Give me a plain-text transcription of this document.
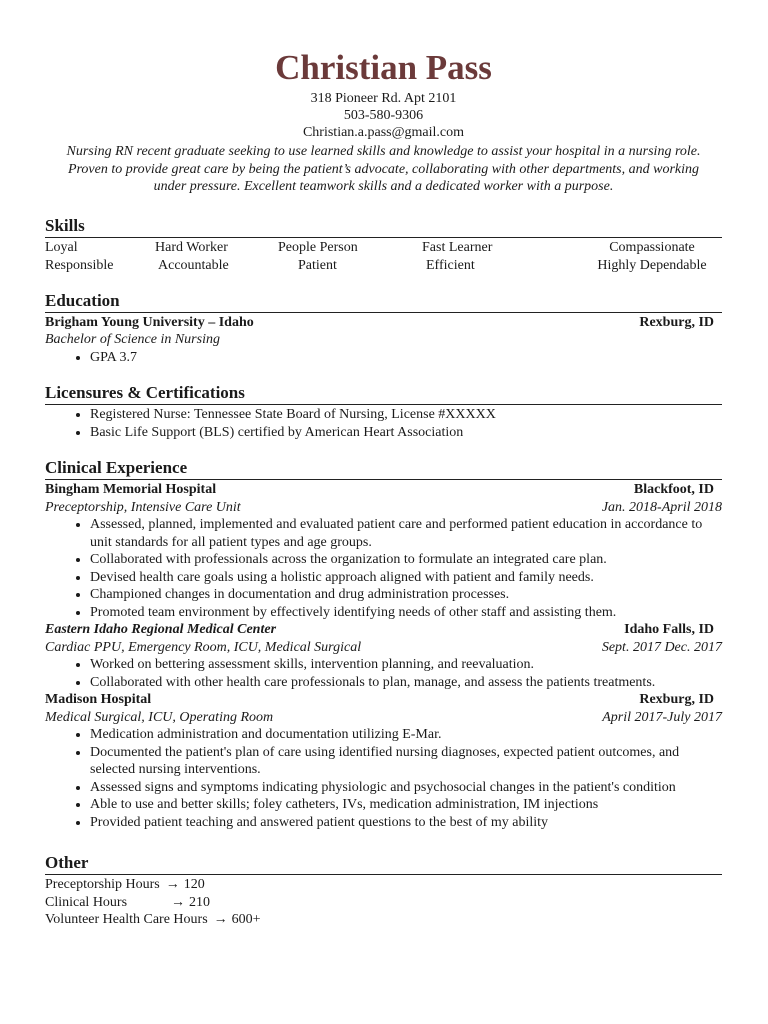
Christian Pass
318 Pioneer Rd. Apt 2101
503-580-9306
Christian.a.pass@gmail.com
Nursing RN recent graduate seeking to use learned skills and knowledge to assist your hospital in a nursing role. Proven to provide great care by being the patient’s advocate, collaborating with other departments, and working under pressure. Excellent teamwork skills and a dedicated worker with a purpose.
Skills
Loyal	Hard Worker	People Person	Fast Learner	Compassionate
Responsible	Accountable	Patient	Efficient	Highly Dependable
Education
Brigham Young University – Idaho	Rexburg, ID
Bachelor of Science in Nursing
• GPA 3.7
Licensures & Certifications
• Registered Nurse: Tennessee State Board of Nursing, License #XXXXX
• Basic Life Support (BLS) certified by American Heart Association
Clinical Experience
Bingham Memorial Hospital	Blackfoot, ID
Preceptorship, Intensive Care Unit	Jan. 2018-April 2018
• Assessed, planned, implemented and evaluated patient care and performed patient education in accordance to unit standards for all patient types and age groups.
• Collaborated with professionals across the organization to formulate an integrated care plan.
• Devised health care goals using a holistic approach aligned with patient and family needs.
• Championed changes in documentation and drug administration processes.
• Promoted team environment by effectively identifying needs of other staff and assisting them.
Eastern Idaho Regional Medical Center	Idaho Falls, ID
Cardiac PPU, Emergency Room, ICU, Medical Surgical	Sept. 2017 Dec. 2017
• Worked on bettering assessment skills, intervention planning, and reevaluation.
• Collaborated with other health care professionals to plan, manage, and assess the patients treatments.
Madison Hospital	Rexburg, ID
Medical Surgical, ICU, Operating Room	April 2017-July 2017
• Medication administration and documentation utilizing E-Mar.
• Documented the patient's plan of care using identified nursing diagnoses, expected patient outcomes, and selected nursing interventions.
• Assessed signs and symptoms indicating physiologic and psychosocial changes in the patient's condition
• Able to use and better skills; foley catheters, IVs, medication administration, IM injections
• Provided patient teaching and answered patient questions to the best of my ability
Other
Preceptorship Hours → 120
Clinical Hours	→ 210
Volunteer Health Care Hours → 600+
